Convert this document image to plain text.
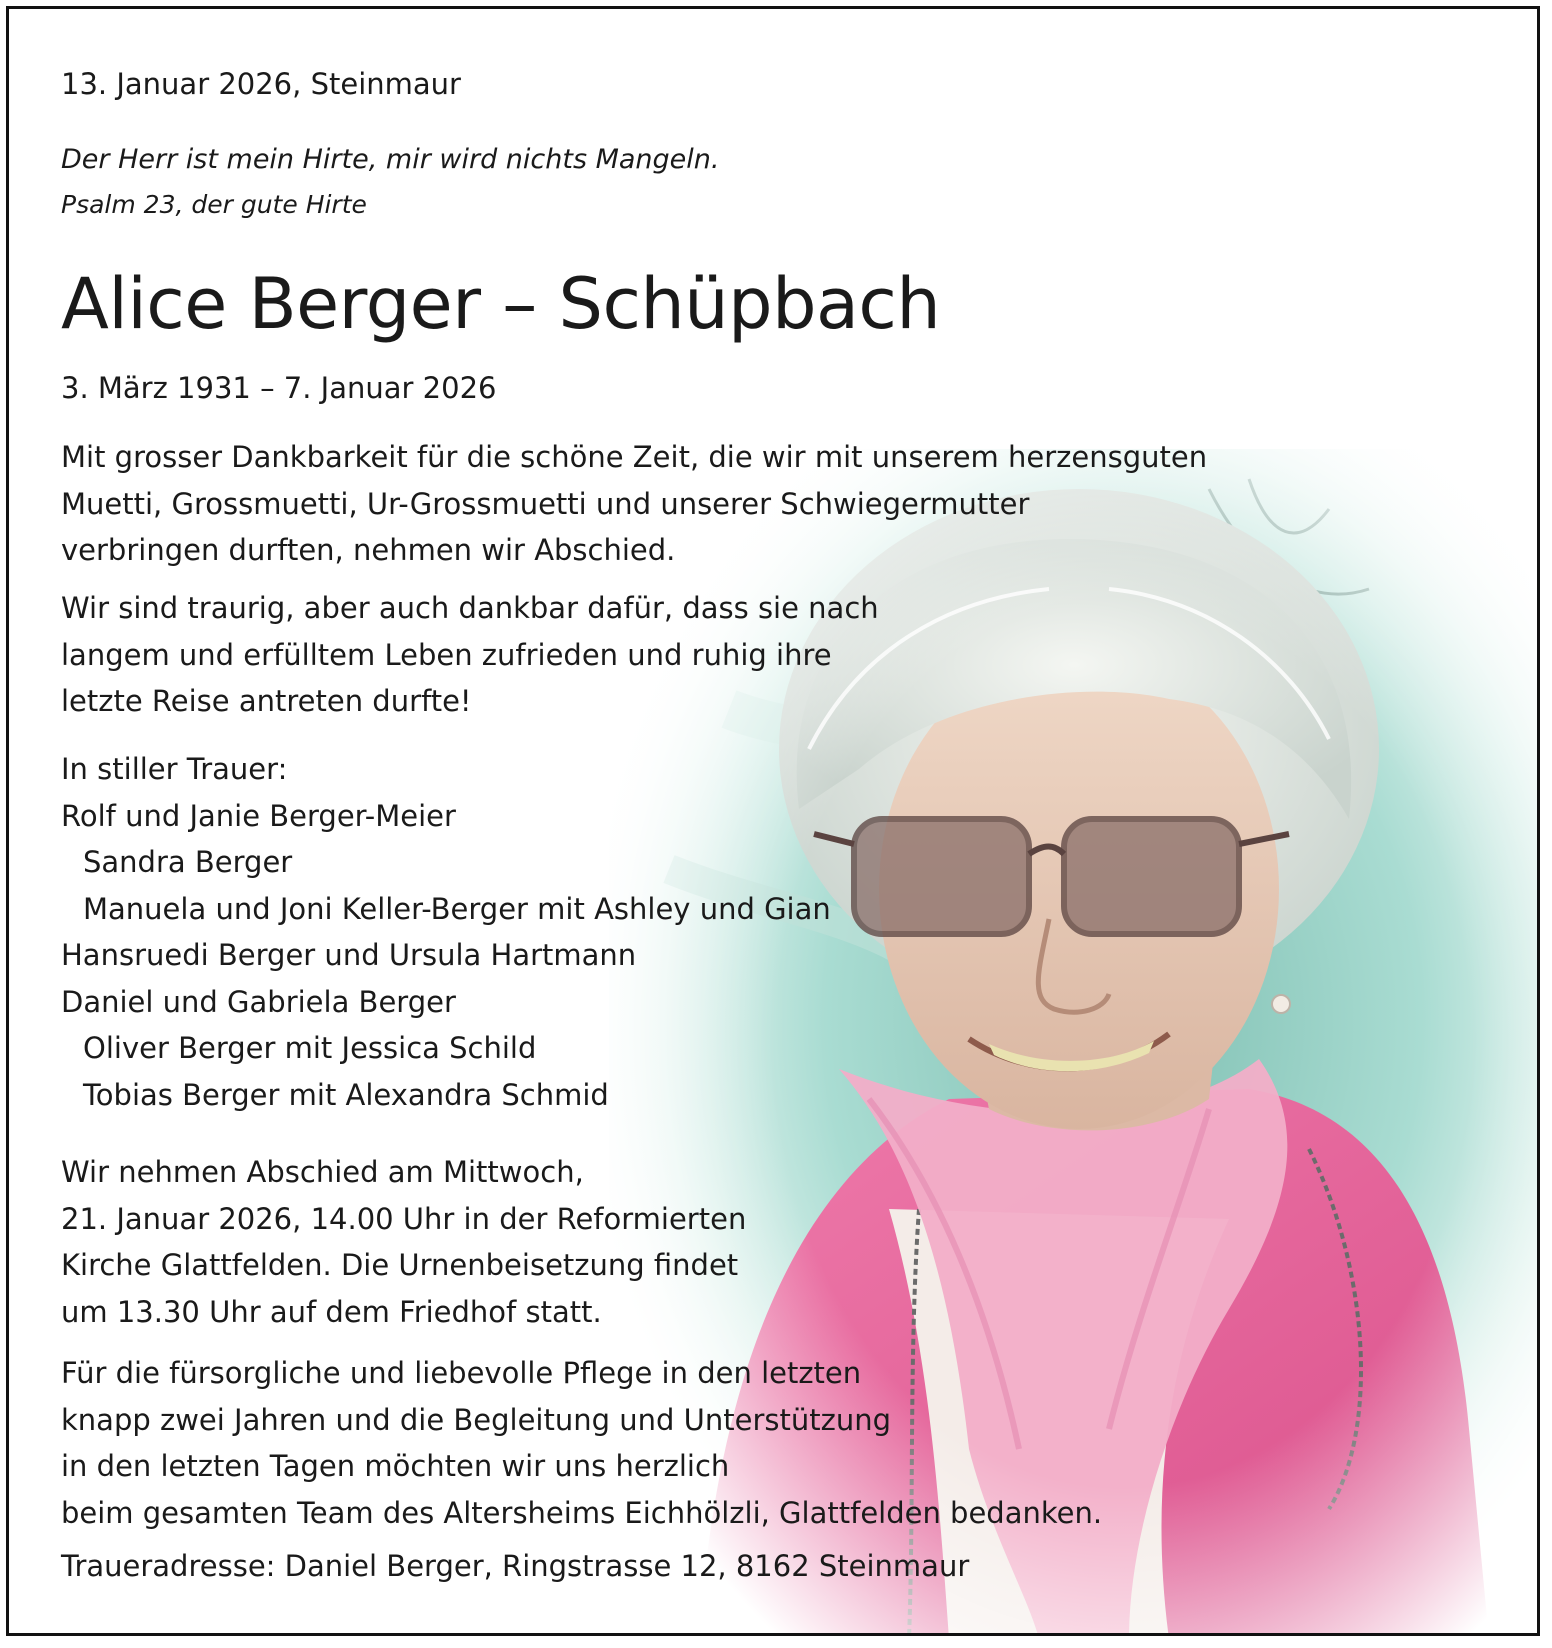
13. Januar 2026, Steinmaur
Der Herr ist mein Hirte, mir wird nichts Mangeln.
Psalm 23, der gute Hirte
Alice Berger – Schüpbach
3. März 1931 – 7. Januar 2026
Mit grosser Dankbarkeit für die schöne Zeit, die wir mit unserem herzensguten
Muetti, Grossmuetti, Ur-Grossmuetti und unserer Schwiegermutter
verbringen durften, nehmen wir Abschied.
Wir sind traurig, aber auch dankbar dafür, dass sie nach
langem und erfülltem Leben zufrieden und ruhig ihre
letzte Reise antreten durfte!
In stiller Trauer:
Rolf und Janie Berger-Meier
Sandra Berger
Manuela und Joni Keller-Berger mit Ashley und Gian
Hansruedi Berger und Ursula Hartmann
Daniel und Gabriela Berger
Oliver Berger mit Jessica Schild
Tobias Berger mit Alexandra Schmid
Wir nehmen Abschied am Mittwoch,
21. Januar 2026, 14.00 Uhr in der Reformierten
Kirche Glattfelden. Die Urnenbeisetzung findet
um 13.30 Uhr auf dem Friedhof statt.
Für die fürsorgliche und liebevolle Pflege in den letzten
knapp zwei Jahren und die Begleitung und Unterstützung
in den letzten Tagen möchten wir uns herzlich
beim gesamten Team des Altersheims Eichhölzli, Glattfelden bedanken.
Traueradresse: Daniel Berger, Ringstrasse 12, 8162 Steinmaur
